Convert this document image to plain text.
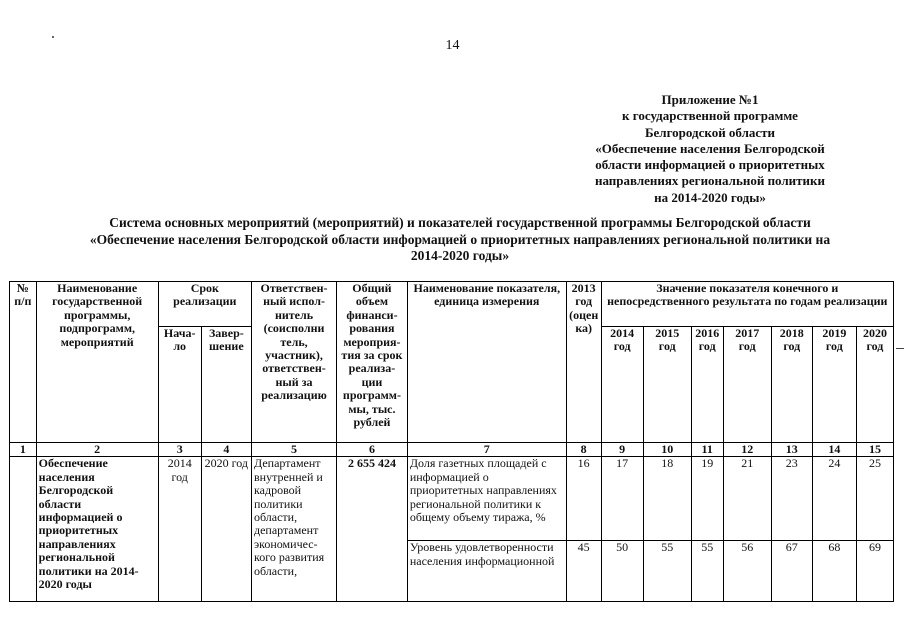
14
Приложение №1
к государственной программе
Белгородской области
«Обеспечение населения Белгородской
области информацией о приоритетных
направлениях региональной политики
на 2014-2020 годы»
Система основных мероприятий (мероприятий) и показателей государственной программы Белгородской области
«Обеспечение населения Белгородской области информацией о приоритетных направлениях региональной политики на
2014-2020 годы»
№ п/п	Наименование государственной программы, подпрограмм, мероприятий	Срок реализации		Ответствен-ный испол-нитель (соисполни тель, участник), ответствен-ный за реализацию	Общий объем финанси-рования мероприя-тия за срок реализа-ции программ-мы, тыс. рублей	Наименование показателя, единица измерения	2013 год (оцен ка)	Значение показателя конечного и непосредственного результата по годам реализации						
		Нача-ло	Завер-шение					2014 год	2015 год	2016 год	2017 год	2018 год	2019 год	2020 год
1	2	3	4	5	6	7	8	9	10	11	12	13	14	15
	Обеспечение населения Белгородской области информацией о приоритетных направлениях региональной политики на 2014-2020 годы	2014 год	2020 год	Департамент внутренней и кадровой политики области, департамент экономичес-кого развития области,	2 655 424	Доля газетных площадей с информацией о приоритетных направлениях региональной политики к общему объему тиража, %	16	17	18	19	21	23	24	25
						Уровень удовлетворенности населения информационной	45	50	55	55	56	67	68	69
